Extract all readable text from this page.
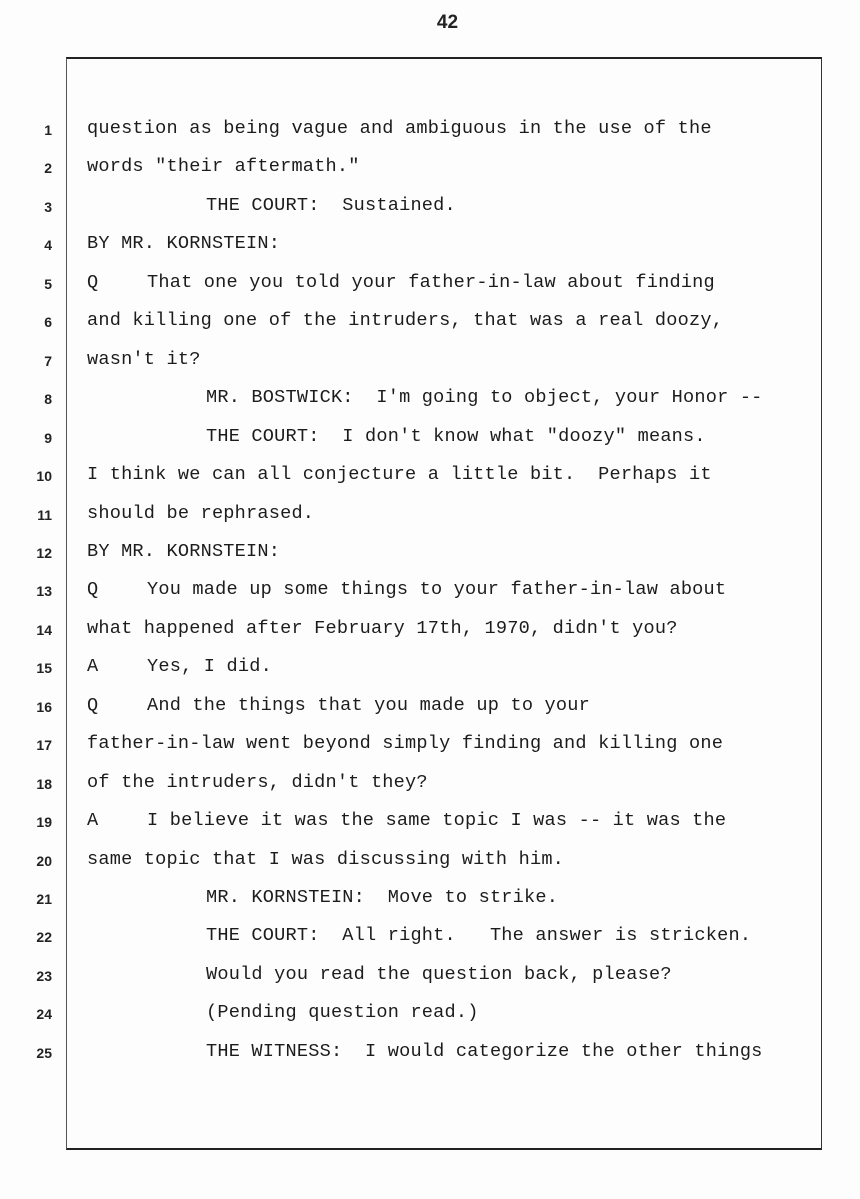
42
1 question as being vague and ambiguous in the use of the
2 words "their aftermath."
3	THE COURT:  Sustained.
4 BY MR. KORNSTEIN:
5 Q	That one you told your father-in-law about finding
6 and killing one of the intruders, that was a real doozy,
7 wasn't it?
8	MR. BOSTWICK:  I'm going to object, your Honor --
9	THE COURT:  I don't know what "doozy" means.
10 I think we can all conjecture a little bit.  Perhaps it
11 should be rephrased.
12 BY MR. KORNSTEIN:
13 Q	You made up some things to your father-in-law about
14 what happened after February 17th, 1970, didn't you?
15 A	Yes, I did.
16 Q	And the things that you made up to your
17 father-in-law went beyond simply finding and killing one
18 of the intruders, didn't they?
19 A	I believe it was the same topic I was -- it was the
20 same topic that I was discussing with him.
21	MR. KORNSTEIN:  Move to strike.
22	THE COURT:  All right.   The answer is stricken.
23	Would you read the question back, please?
24	(Pending question read.)
25	THE WITNESS:  I would categorize the other things
